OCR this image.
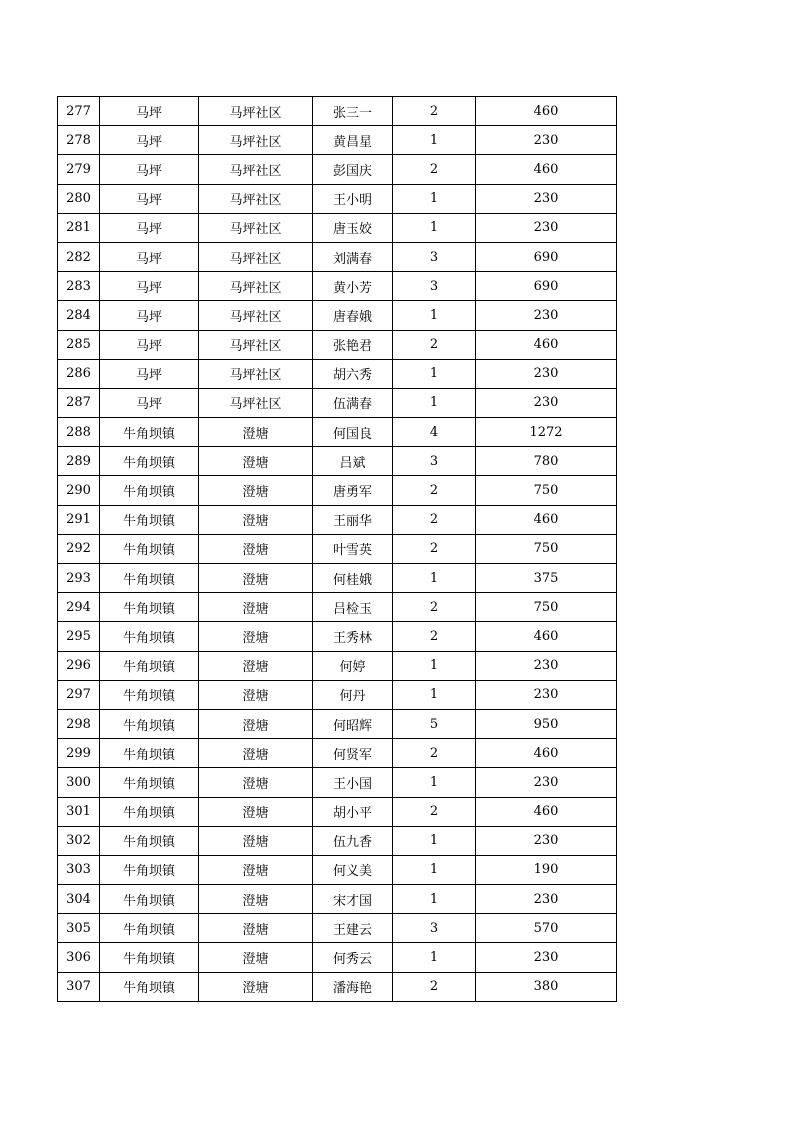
277	马坪	马坪社区	张三一	2	460
278	马坪	马坪社区	黄昌星	1	230
279	马坪	马坪社区	彭国庆	2	460
280	马坪	马坪社区	王小明	1	230
281	马坪	马坪社区	唐玉姣	1	230
282	马坪	马坪社区	刘满春	3	690
283	马坪	马坪社区	黄小芳	3	690
284	马坪	马坪社区	唐春娥	1	230
285	马坪	马坪社区	张艳君	2	460
286	马坪	马坪社区	胡六秀	1	230
287	马坪	马坪社区	伍满春	1	230
288	牛角坝镇	澄塘	何国良	4	1272
289	牛角坝镇	澄塘	吕斌	3	780
290	牛角坝镇	澄塘	唐勇军	2	750
291	牛角坝镇	澄塘	王丽华	2	460
292	牛角坝镇	澄塘	叶雪英	2	750
293	牛角坝镇	澄塘	何桂娥	1	375
294	牛角坝镇	澄塘	吕检玉	2	750
295	牛角坝镇	澄塘	王秀林	2	460
296	牛角坝镇	澄塘	何婷	1	230
297	牛角坝镇	澄塘	何丹	1	230
298	牛角坝镇	澄塘	何昭辉	5	950
299	牛角坝镇	澄塘	何贤军	2	460
300	牛角坝镇	澄塘	王小国	1	230
301	牛角坝镇	澄塘	胡小平	2	460
302	牛角坝镇	澄塘	伍九香	1	230
303	牛角坝镇	澄塘	何义美	1	190
304	牛角坝镇	澄塘	宋才国	1	230
305	牛角坝镇	澄塘	王建云	3	570
306	牛角坝镇	澄塘	何秀云	1	230
307	牛角坝镇	澄塘	潘海艳	2	380
